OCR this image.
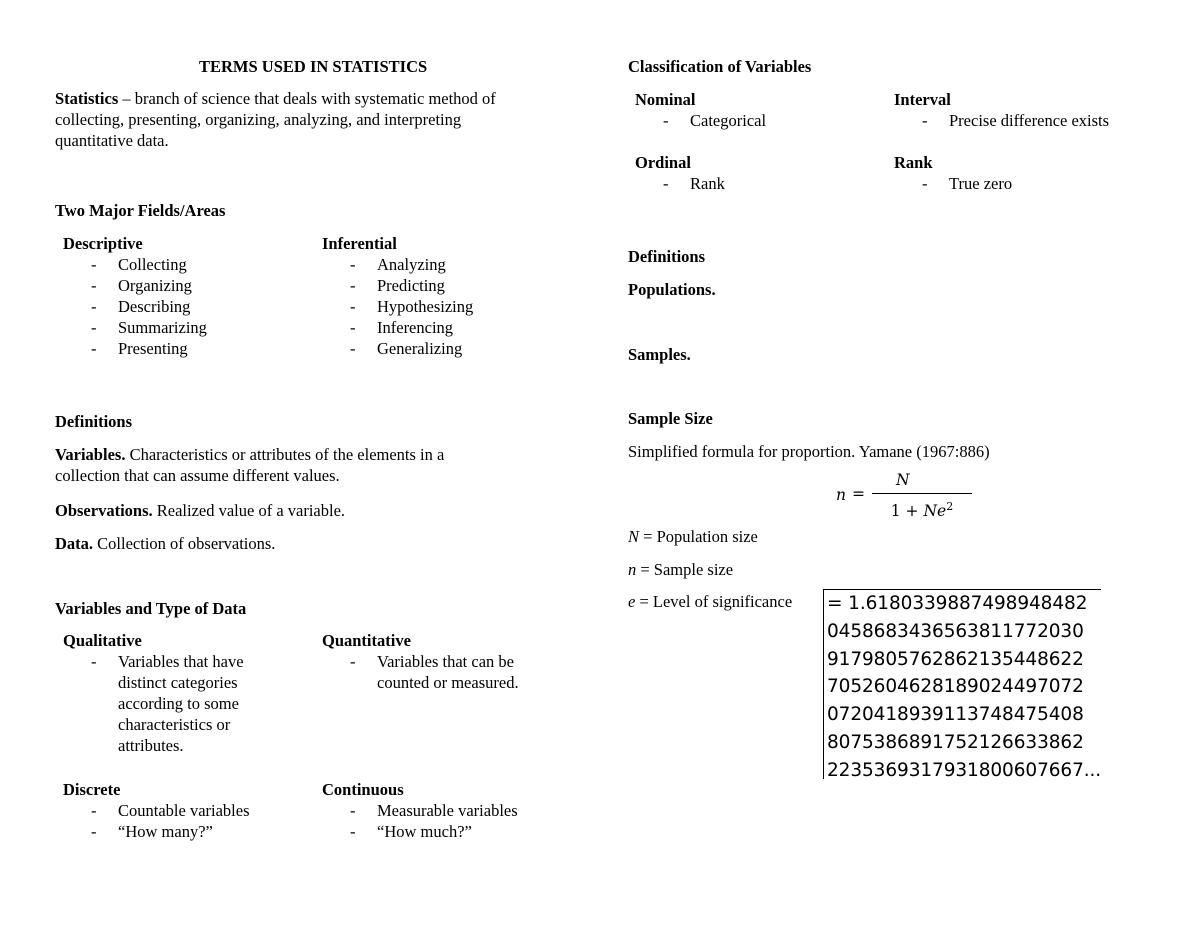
TERMS USED IN STATISTICS
Statistics – branch of science that deals with systematic method of
collecting, presenting, organizing, analyzing, and interpreting
quantitative data.
Two Major Fields/Areas
Descriptive
- Collecting
- Organizing
- Describing
- Summarizing
- Presenting
Inferential
- Analyzing
- Predicting
- Hypothesizing
- Inferencing
- Generalizing
Definitions
Variables. Characteristics or attributes of the elements in a
collection that can assume different values.
Observations. Realized value of a variable.
Data. Collection of observations.
Variables and Type of Data
Qualitative
- Variables that have
distinct categories
according to some
characteristics or
attributes.
Quantitative
- Variables that can be
counted or measured.
Discrete
- Countable variables
- “How many?”
Continuous
- Measurable variables
- “How much?”
Classification of Variables
Nominal
- Categorical
Interval
- Precise difference exists
Ordinal
- Rank
Rank
- True zero
Definitions
Populations.
Samples.
Sample Size
Simplified formula for proportion. Yamane (1967:886)
n =
N
$1 + Ne^2$
N = Population size
n = Sample size
e = Level of significance = 1.6180339887498948482
0458683436563811772030
9179805762862135448622
7052604628189024497072
0720418939113748475408
8075386891752126633862
2235369317931800607667...
